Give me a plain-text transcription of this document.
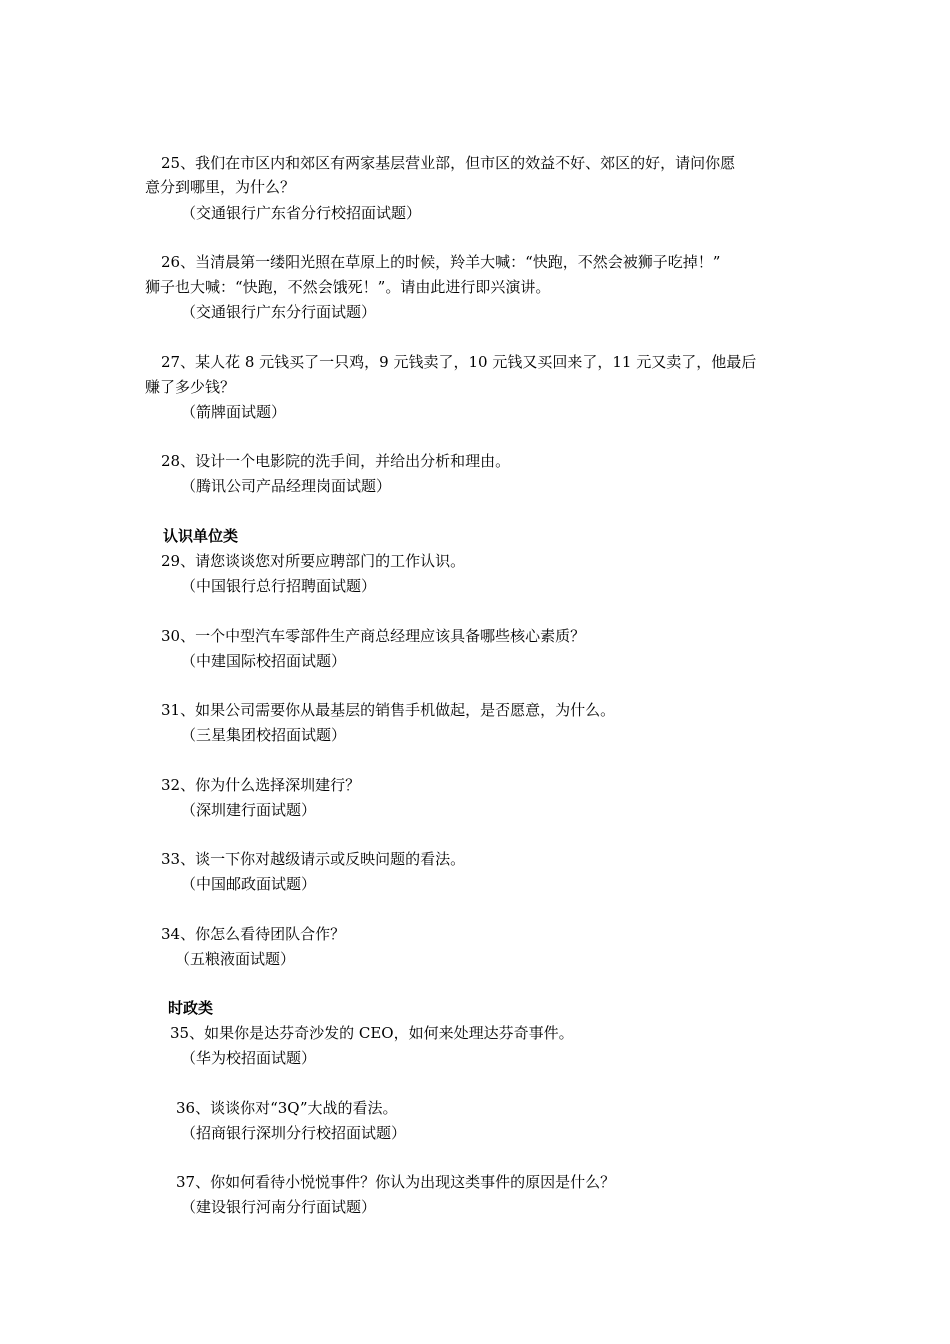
25、我们在市区内和郊区有两家基层营业部，但市区的效益不好、郊区的好，请问你愿
意分到哪里，为什么？
（交通银行广东省分行校招面试题）
26、当清晨第一缕阳光照在草原上的时候，羚羊大喊：“快跑，不然会被狮子吃掉！”
狮子也大喊：“快跑，不然会饿死！”。请由此进行即兴演讲。
（交通银行广东分行面试题）
27、某人花 8 元钱买了一只鸡，9 元钱卖了，10 元钱又买回来了，11 元又卖了，他最后
赚了多少钱？
（箭牌面试题）
28、设计一个电影院的洗手间，并给出分析和理由。
（腾讯公司产品经理岗面试题）
认识单位类
29、请您谈谈您对所要应聘部门的工作认识。
（中国银行总行招聘面试题）
30、一个中型汽车零部件生产商总经理应该具备哪些核心素质？
（中建国际校招面试题）
31、如果公司需要你从最基层的销售手机做起，是否愿意，为什么。
（三星集团校招面试题）
32、你为什么选择深圳建行？
（深圳建行面试题）
33、谈一下你对越级请示或反映问题的看法。
（中国邮政面试题）
34、你怎么看待团队合作？
（五粮液面试题）
时政类
35、如果你是达芬奇沙发的 CEO，如何来处理达芬奇事件。
（华为校招面试题）
36、谈谈你对“3Q”大战的看法。
（招商银行深圳分行校招面试题）
37、你如何看待小悦悦事件？你认为出现这类事件的原因是什么？
（建设银行河南分行面试题）
